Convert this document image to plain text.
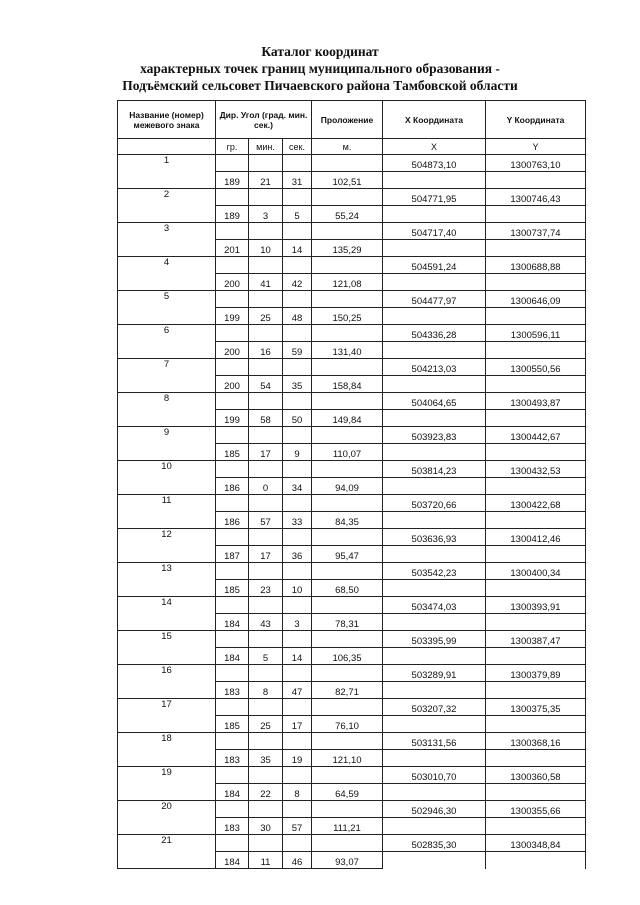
Каталог координат
характерных точек границ муниципального образования -
Подъёмский сельсовет Пичаевского района Тамбовской области
Название (номер) межевого знака	Дир. Угол (град. мин. сек.)			Проложение	X Координата	Y Координата
	гр.	мин.	сек.	м.	X	Y
1					504873,10	1300763,10
	189	21	31	102,51		
2					504771,95	1300746,43
	189	3	5	55,24		
3					504717,40	1300737,74
	201	10	14	135,29		
4					504591,24	1300688,88
	200	41	42	121,08		
5					504477,97	1300646,09
	199	25	48	150,25		
6					504336,28	1300596,11
	200	16	59	131,40		
7					504213,03	1300550,56
	200	54	35	158,84		
8					504064,65	1300493,87
	199	58	50	149,84		
9					503923,83	1300442,67
	185	17	9	110,07		
10					503814,23	1300432,53
	186	0	34	94,09		
11					503720,66	1300422,68
	186	57	33	84,35		
12					503636,93	1300412,46
	187	17	36	95,47		
13					503542,23	1300400,34
	185	23	10	68,50		
14					503474,03	1300393,91
	184	43	3	78,31		
15					503395,99	1300387,47
	184	5	14	106,35		
16					503289,91	1300379,89
	183	8	47	82,71		
17					503207,32	1300375,35
	185	25	17	76,10		
18					503131,56	1300368,16
	183	35	19	121,10		
19					503010,70	1300360,58
	184	22	8	64,59		
20					502946,30	1300355,66
	183	30	57	111,21		
21					502835,30	1300348,84
	184	11	46	93,07		
